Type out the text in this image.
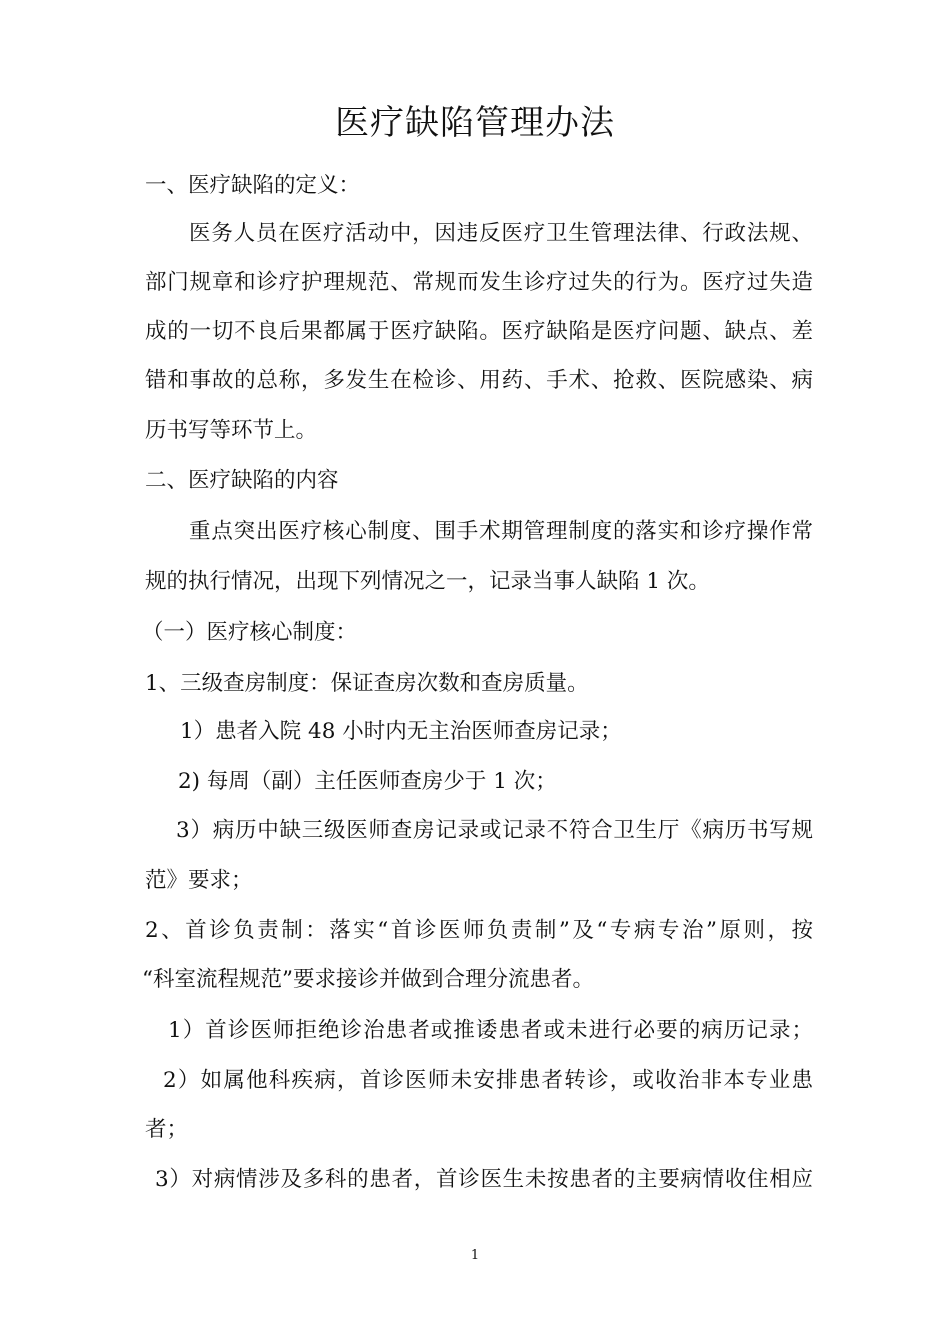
医疗缺陷管理办法
一、医疗缺陷的定义：
医务人员在医疗活动中，因违反医疗卫生管理法律、行政法规、
部门规章和诊疗护理规范、常规而发生诊疗过失的行为。医疗过失造
成的一切不良后果都属于医疗缺陷。医疗缺陷是医疗问题、缺点、差
错和事故的总称，多发生在检诊、用药、手术、抢救、医院感染、病
历书写等环节上。
二、医疗缺陷的内容
重点突出医疗核心制度、围手术期管理制度的落实和诊疗操作常
规的执行情况，出现下列情况之一，记录当事人缺陷 1 次。
（一）医疗核心制度：
1、三级查房制度：保证查房次数和查房质量。
1）患者入院 48 小时内无主治医师查房记录；
2) 每周（副）主任医师查房少于 1 次；
3）病历中缺三级医师查房记录或记录不符合卫生厅《病历书写规
范》要求；
2、首诊负责制：落实“首诊医师负责制”及“专病专治”原则，按
“科室流程规范”要求接诊并做到合理分流患者。
1）首诊医师拒绝诊治患者或推诿患者或未进行必要的病历记录；
2）如属他科疾病，首诊医师未安排患者转诊，或收治非本专业患
者；
3）对病情涉及多科的患者，首诊医生未按患者的主要病情收住相应
1
